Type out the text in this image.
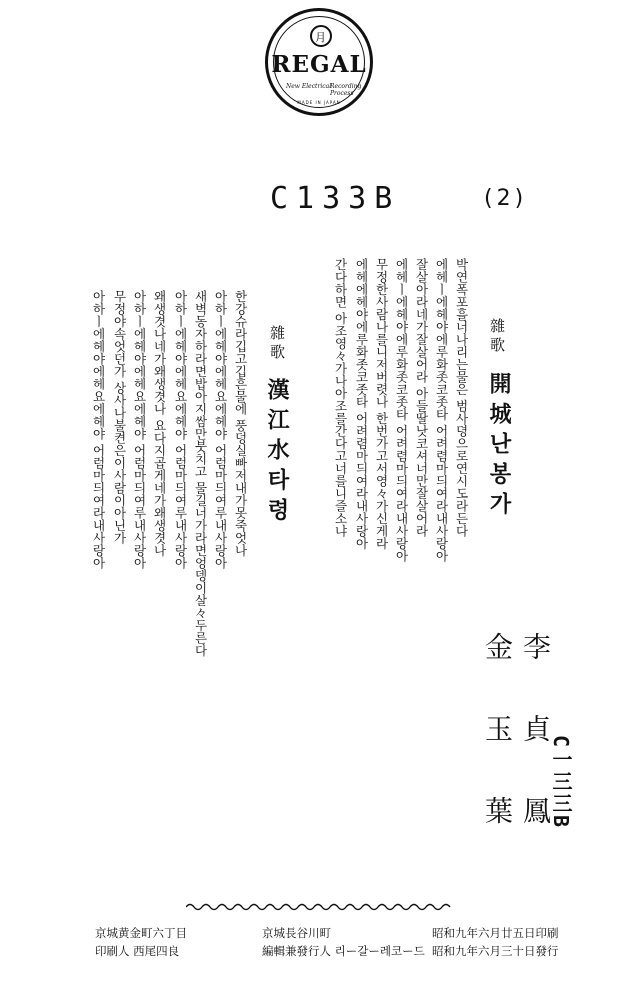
月
REGAL
New Electrical
Recording Process
MADE IN JAPAN
C133B	(2)
雜歌
開城난봉가
박연폭포흘너나리는물은 범사뎡으로연시도라든다
에헤ㅣ에헤야에루화좃코좃타 어려렴마듸여라내사랑아
잘살아라네가잘살어라 아들딸낫코셔너만잘살어라
에헤ㅣ에헤야에루화좃코좃타 어려렴마듸여라내사랑아
무정한사람나를니저버렷나 한번가고서영々가신게라
에헤에헤야에루화좃코좃타 어려렴마듸여라내사랑아
간다하면 아조영々가나아조를간다고너를니즐소냐
雜歌
漢江水타령
한강슈라깁고깁흔물에 풍덩실빠저내가못죽엇나
아하ㅣ에헤야에헤요에헤야 어럼마듸여루내사랑아
새벽동자하라면밥아지쌈만붓치고 물길너가라면엉뎅이살々두른다
아하ㅣ에헤야에헤요에헤야 어럼마듸여루내사랑아
왜생겻나네가왜생겻나 요다지곱게네가왜생겻나
아하ㅣ에헤야에헤요에헤야 어럼마듸여루내사랑아
무정야속엇던가 상사나불켠은이사람이아닌가
아하ㅣ에헤야에헤요에헤야 어럼마듸여라내사랑아
李貞鳳
金玉葉 C一三三B
昭和九年六月廿五日印刷
昭和九年六月三十日發行
京城長谷川町
編輯兼發行人 리ー갈ー레코ー드
京城黄金町六丁目
印刷人 西尾四良
